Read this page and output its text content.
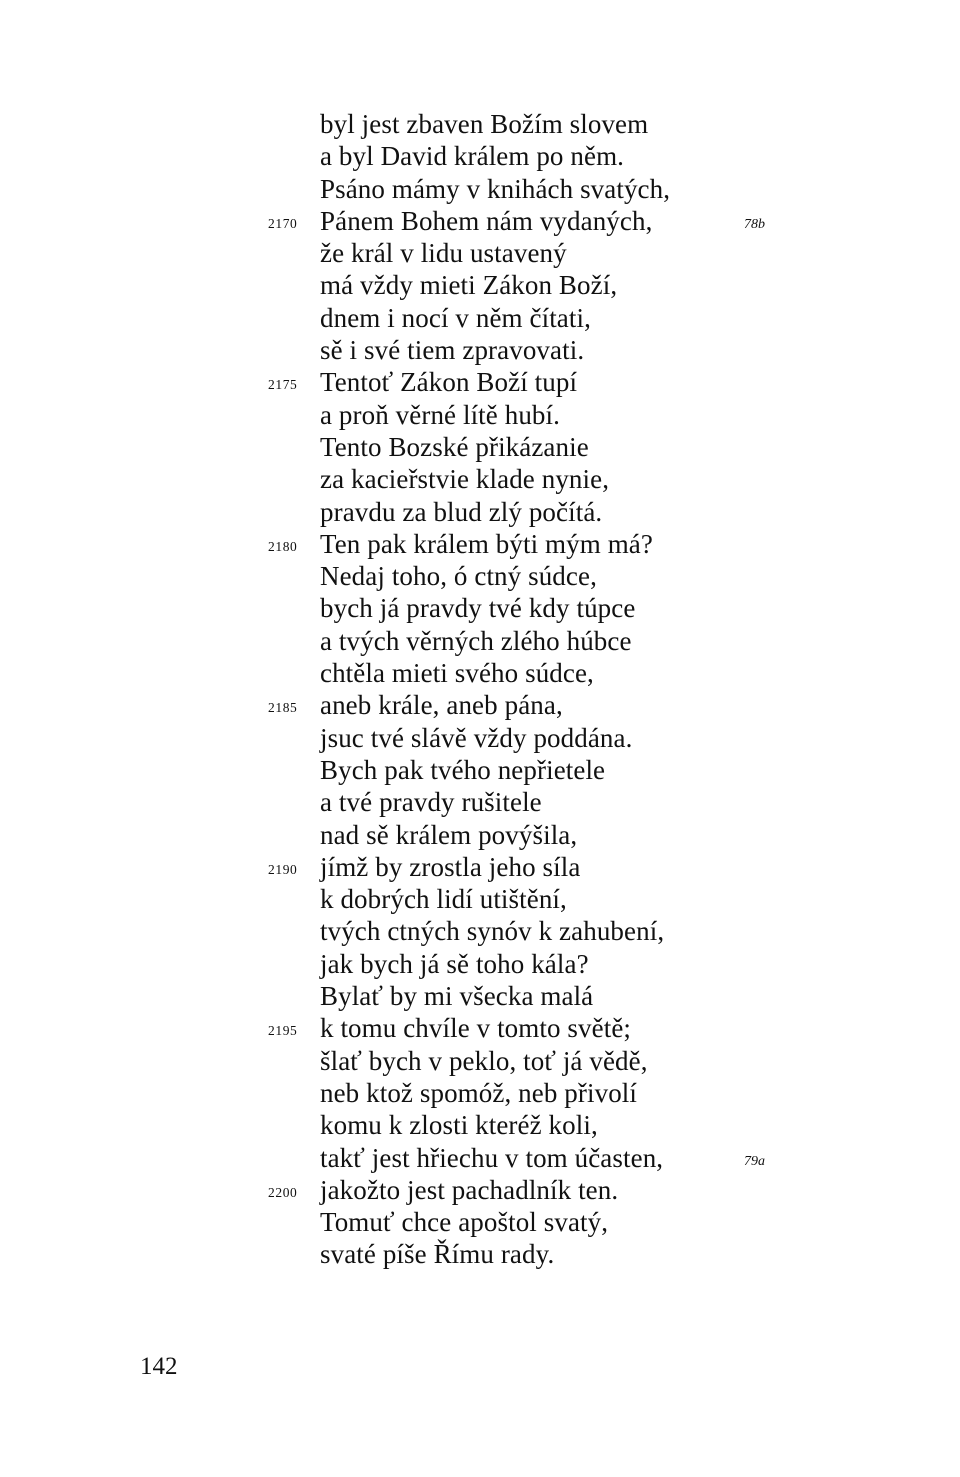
byl jest zbaven Božím slovem
a byl David králem po něm.
Psáno mámy v knihách svatých,
2170 Pánem Bohem nám vydaných,	78b
že král v lidu ustavený
má vždy mieti Zákon Boží,
dnem i nocí v něm čítati,
sě i své tiem zpravovati.
2175 Tentoť Zákon Boží tupí
a proň věrné lítě hubí.
Tento Bozské přikázanie
za kacieřstvie klade nynie,
pravdu za blud zlý počítá.
2180 Ten pak králem býti mým má?
Nedaj toho, ó ctný súdce,
bych já pravdy tvé kdy túpce
a tvých věrných zlého húbce
chtěla mieti svého súdce,
2185 aneb krále, aneb pána,
jsuc tvé slávě vždy poddána.
Bych pak tvého nepřietele
a tvé pravdy rušitele
nad sě králem povýšila,
2190 jímž by zrostla jeho síla
k dobrých lidí utištění,
tvých ctných synóv k zahubení,
jak bych já sě toho kála?
Bylať by mi všecka malá
2195 k tomu chvíle v tomto světě;
šlať bych v peklo, toť já vědě,
neb ktož spomóž, neb přivolí
komu k zlosti kteréž koli,
takť jest hřiechu v tom účasten,	79a
2200 jakožto jest pachadlník ten.
Tomuť chce apoštol svatý,
svaté píše Římu rady.
142
